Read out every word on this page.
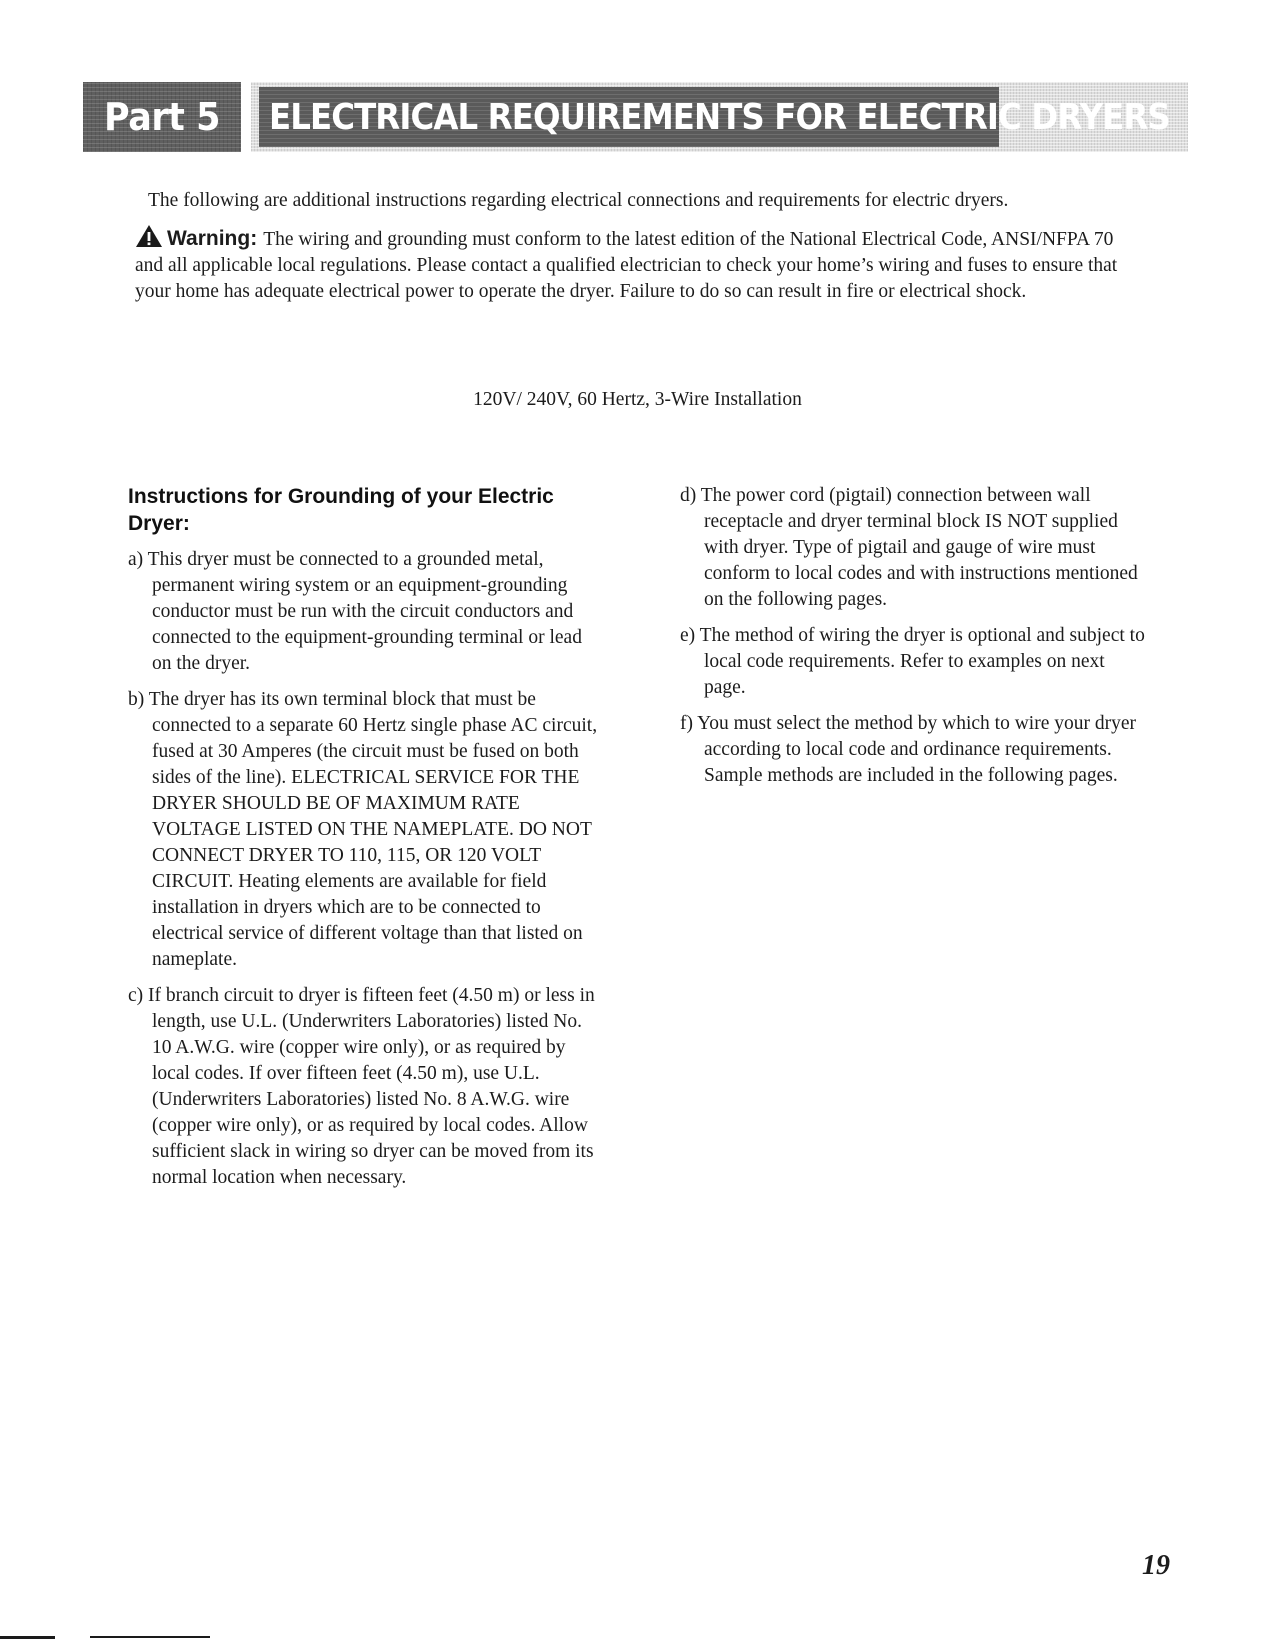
Part 5 ELECTRICAL REQUIREMENTS FOR ELECTRIC DRYERS

The following are additional instructions regarding electrical connections and requirements for electric dryers.

Warning: The wiring and grounding must conform to the latest edition of the National Electrical Code, ANSI/NFPA 70 and all applicable local regulations. Please contact a qualified electrician to check your home’s wiring and fuses to ensure that your home has adequate electrical power to operate the dryer. Failure to do so can result in fire or electrical shock.

120V/ 240V, 60 Hertz, 3-Wire Installation
Instructions for Grounding of your Electric Dryer:

a) This dryer must be connected to a grounded metal, permanent wiring system or an equipment-grounding conductor must be run with the circuit conductors and connected to the equipment-grounding terminal or lead on the dryer.

b) The dryer has its own terminal block that must be connected to a separate 60 Hertz single phase AC circuit, fused at 30 Amperes (the circuit must be fused on both sides of the line). ELECTRICAL SERVICE FOR THE DRYER SHOULD BE OF MAXIMUM RATE VOLTAGE LISTED ON THE NAMEPLATE. DO NOT CONNECT DRYER TO 110, 115, OR 120 VOLT CIRCUIT. Heating elements are available for field installation in dryers which are to be connected to electrical service of different voltage than that listed on nameplate.

c) If branch circuit to dryer is fifteen feet (4.50 m) or less in length, use U.L. (Underwriters Laboratories) listed No. 10 A.W.G. wire (copper wire only), or as required by local codes. If over fifteen feet (4.50 m), use U.L. (Underwriters Laboratories) listed No. 8 A.W.G. wire (copper wire only), or as required by local codes. Allow sufficient slack in wiring so dryer can be moved from its normal location when necessary.

d) The power cord (pigtail) connection between wall receptacle and dryer terminal block IS NOT supplied with dryer. Type of pigtail and gauge of wire must conform to local codes and with instructions mentioned on the following pages.

e) The method of wiring the dryer is optional and subject to local code requirements. Refer to examples on next page.

f) You must select the method by which to wire your dryer according to local code and ordinance requirements. Sample methods are included in the following pages.

19
